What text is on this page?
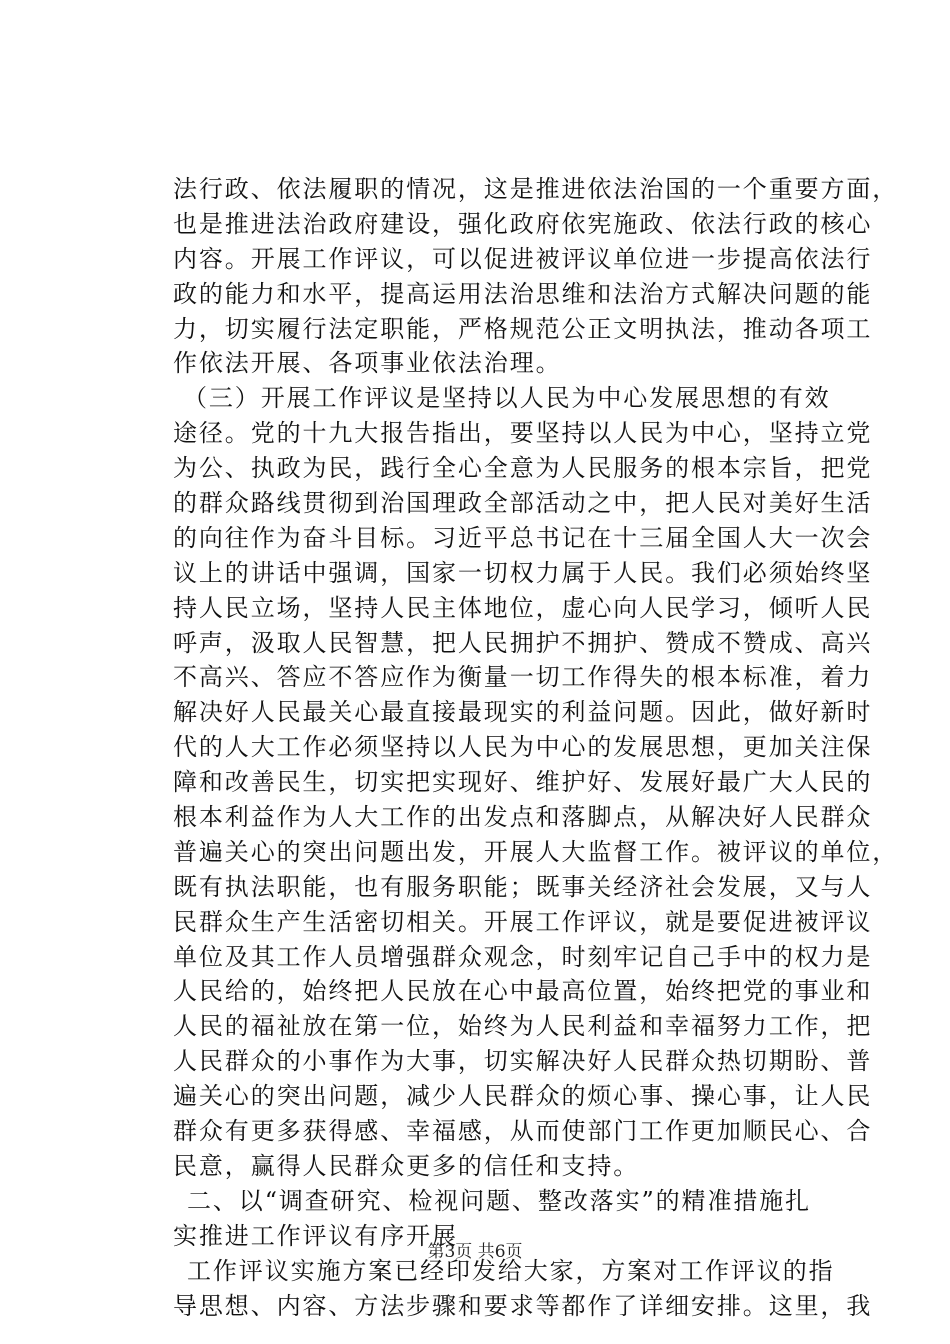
法行政、依法履职的情况，这是推进依法治国的一个重要方面，
也是推进法治政府建设，强化政府依宪施政、依法行政的核心
内容。开展工作评议，可以促进被评议单位进一步提高依法行
政的能力和水平，提高运用法治思维和法治方式解决问题的能
力，切实履行法定职能，严格规范公正文明执法，推动各项工
作依法开展、各项事业依法治理。
（三）开展工作评议是坚持以人民为中心发展思想的有效
途径。党的十九大报告指出，要坚持以人民为中心，坚持立党
为公、执政为民，践行全心全意为人民服务的根本宗旨，把党
的群众路线贯彻到治国理政全部活动之中，把人民对美好生活
的向往作为奋斗目标。习近平总书记在十三届全国人大一次会
议上的讲话中强调，国家一切权力属于人民。我们必须始终坚
持人民立场，坚持人民主体地位，虚心向人民学习，倾听人民
呼声，汲取人民智慧，把人民拥护不拥护、赞成不赞成、高兴
不高兴、答应不答应作为衡量一切工作得失的根本标准，着力
解决好人民最关心最直接最现实的利益问题。因此，做好新时
代的人大工作必须坚持以人民为中心的发展思想，更加关注保
障和改善民生，切实把实现好、维护好、发展好最广大人民的
根本利益作为人大工作的出发点和落脚点，从解决好人民群众
普遍关心的突出问题出发，开展人大监督工作。被评议的单位，
既有执法职能，也有服务职能；既事关经济社会发展，又与人
民群众生产生活密切相关。开展工作评议，就是要促进被评议
单位及其工作人员增强群众观念，时刻牢记自己手中的权力是
人民给的，始终把人民放在心中最高位置，始终把党的事业和
人民的福祉放在第一位，始终为人民利益和幸福努力工作，把
人民群众的小事作为大事，切实解决好人民群众热切期盼、普
遍关心的突出问题，减少人民群众的烦心事、操心事，让人民
群众有更多获得感、幸福感，从而使部门工作更加顺民心、合
民意，赢得人民群众更多的信任和支持。
二、以“调查研究、检视问题、整改落实”的精准措施扎
实推进工作评议有序开展
工作评议实施方案已经印发给大家，方案对工作评议的指
导思想、内容、方法步骤和要求等都作了详细安排。这里，我
第3页 共6页
